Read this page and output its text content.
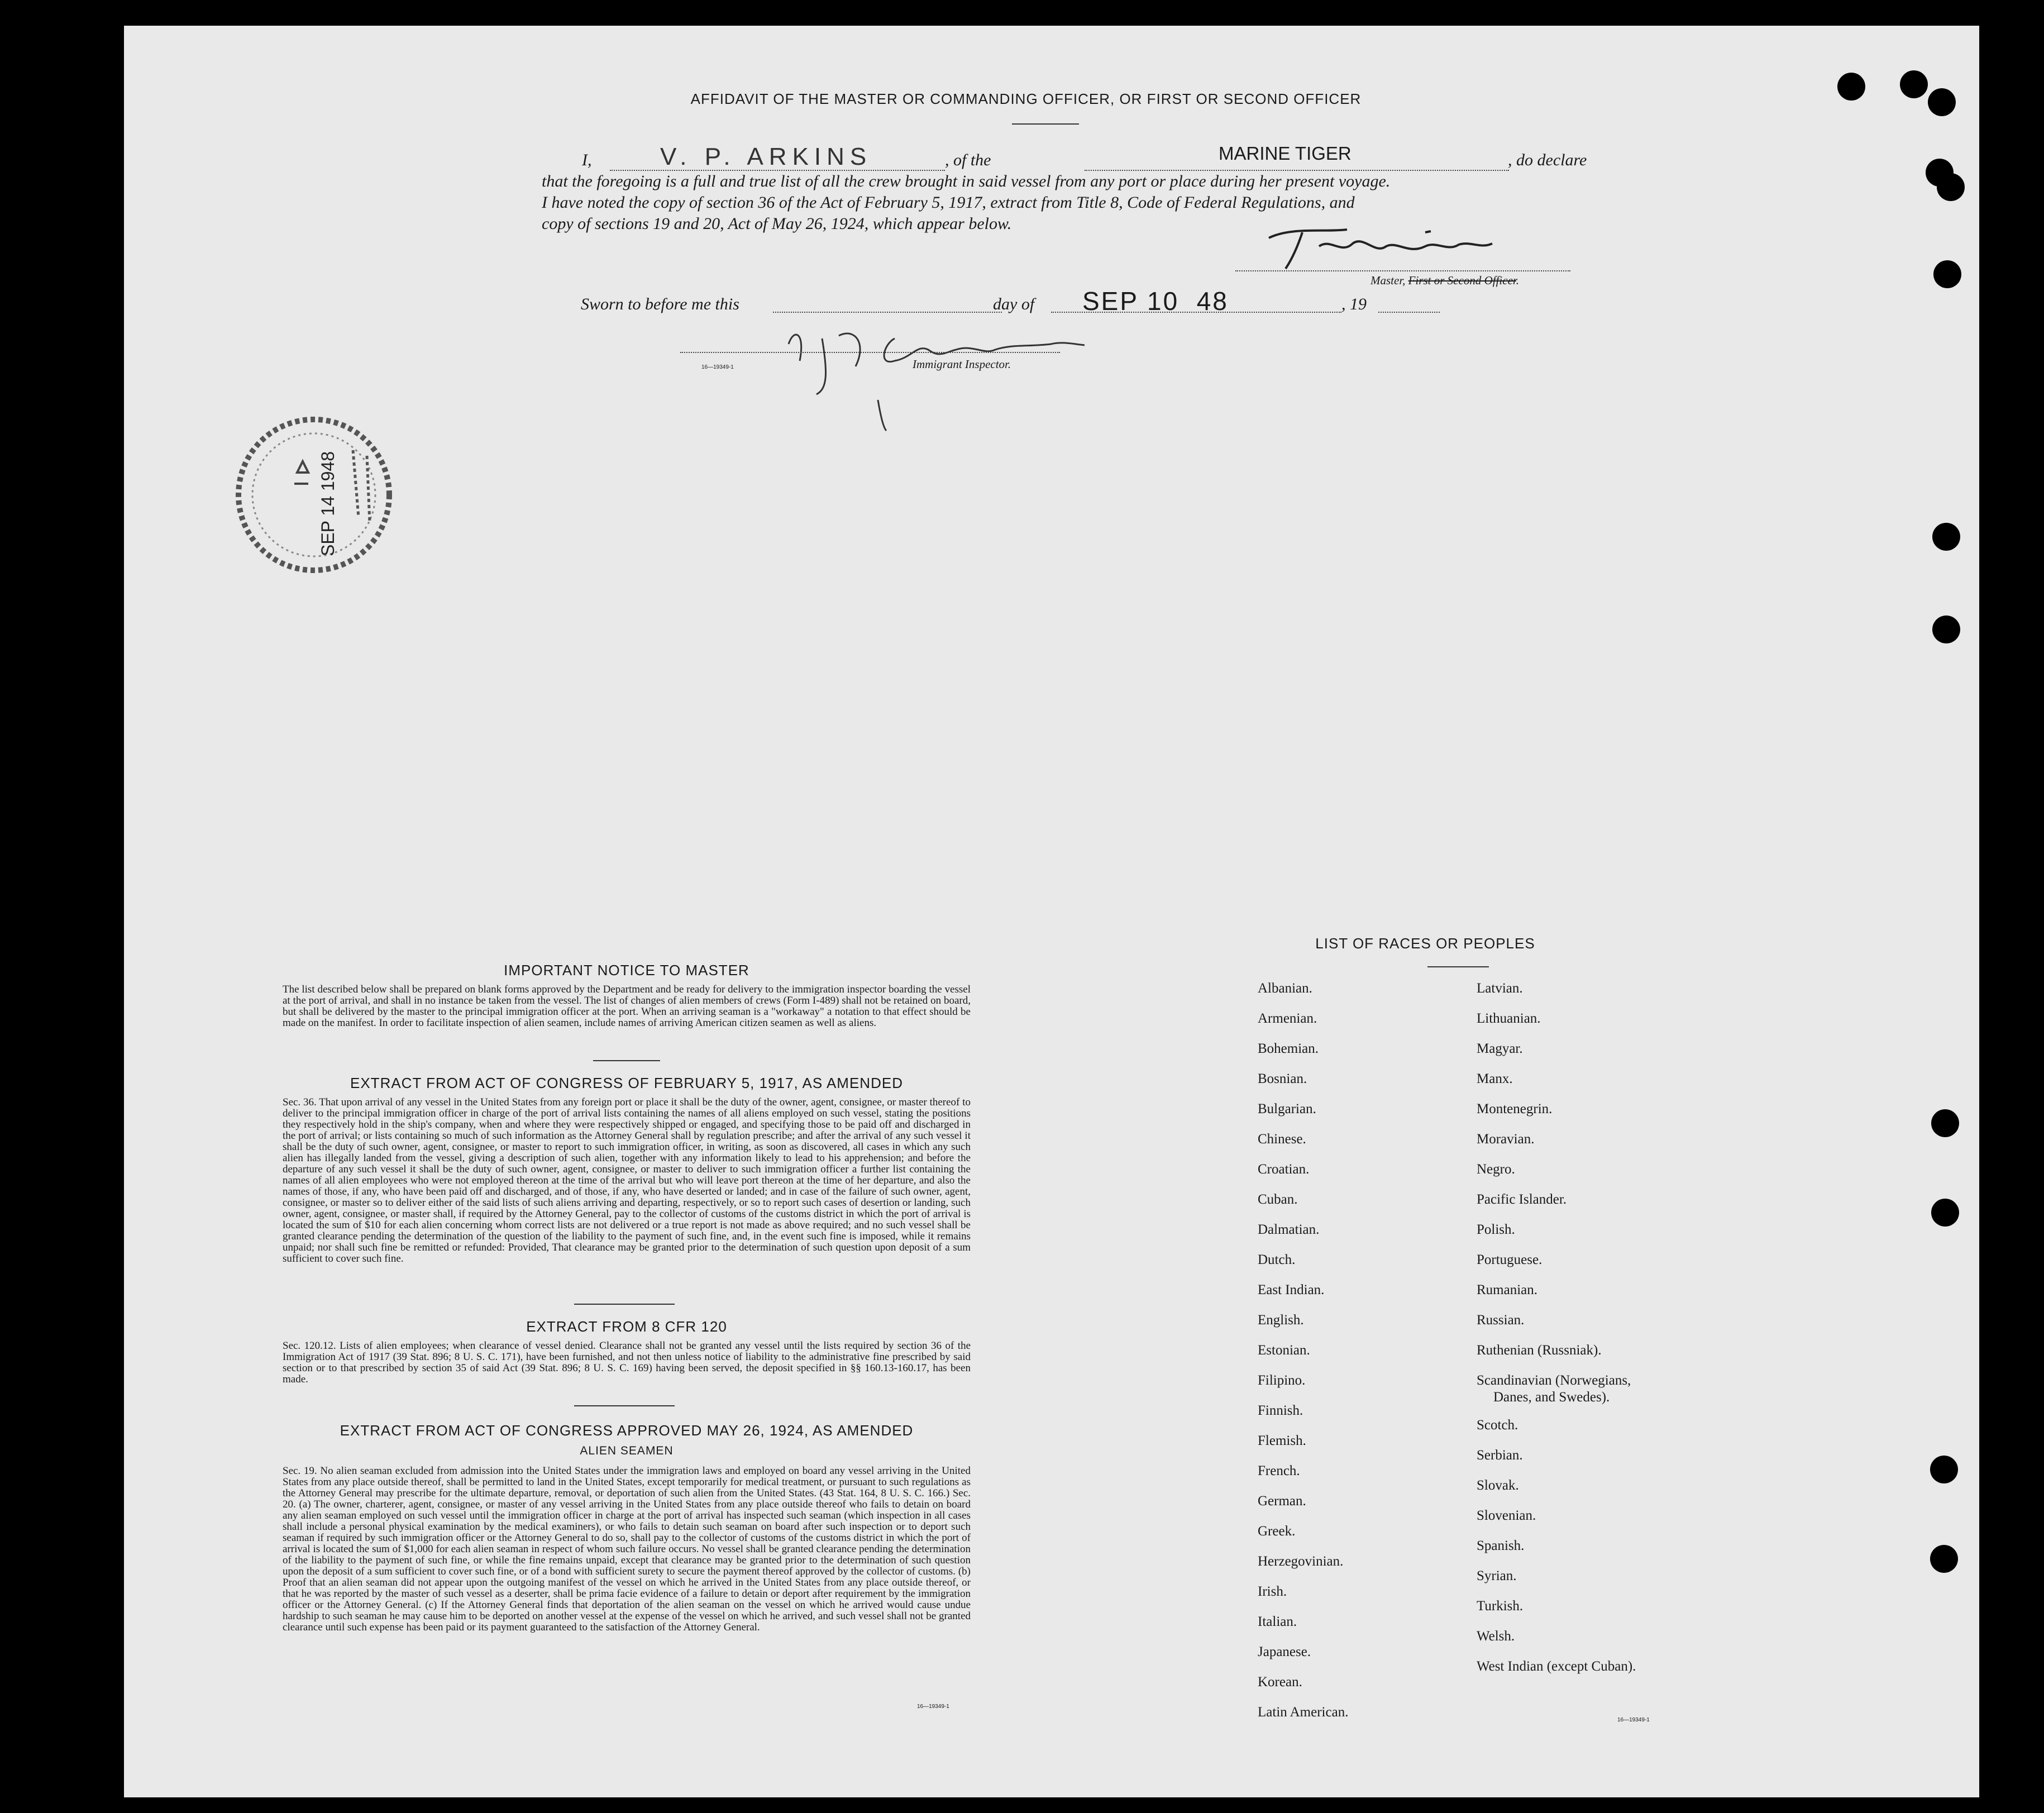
AFFIDAVIT OF THE MASTER OR COMMANDING OFFICER, OR FIRST OR SECOND OFFICER
I,	V. P. ARKINS	, of the	MARINE TIGER	, do declare
that the foregoing is a full and true list of all the crew brought in said vessel from any port or place during her present voyage.
I have noted the copy of section 36 of the Act of February 5, 1917, extract from Title 8, Code of Federal Regulations, and
copy of sections 19 and 20, Act of May 26, 1924, which appear below.
Master, First or Second Officer.
Sworn to before me this	day of SEP 10  48	, 19
Immigrant Inspector.
16—19349-1
SEP 14 1948
IMPORTANT NOTICE TO MASTER
The list described below shall be prepared on blank forms approved by the Department and be ready for delivery to the immigration inspector boarding the vessel at the port of arrival, and shall in no instance be taken from the vessel. The list of changes of alien members of crews (Form I-489) shall not be retained on board, but shall be delivered by the master to the principal immigration officer at the port. When an arriving seaman is a "workaway" a notation to that effect should be made on the manifest. In order to facilitate inspection of alien seamen, include names of arriving American citizen seamen as well as aliens.
EXTRACT FROM ACT OF CONGRESS OF FEBRUARY 5, 1917, AS AMENDED
Sec. 36. That upon arrival of any vessel in the United States from any foreign port or place it shall be the duty of the owner, agent, consignee, or master thereof to deliver to the principal immigration officer in charge of the port of arrival lists containing the names of all aliens employed on such vessel, stating the positions they respectively hold in the ship's company, when and where they were respectively shipped or engaged, and specifying those to be paid off and discharged in the port of arrival; or lists containing so much of such information as the Attorney General shall by regulation prescribe; and after the arrival of any such vessel it shall be the duty of such owner, agent, consignee, or master to report to such immigration officer, in writing, as soon as discovered, all cases in which any such alien has illegally landed from the vessel, giving a description of such alien, together with any information likely to lead to his apprehension; and before the departure of any such vessel it shall be the duty of such owner, agent, consignee, or master to deliver to such immigration officer a further list containing the names of all alien employees who were not employed thereon at the time of the arrival but who will leave port thereon at the time of her departure, and also the names of those, if any, who have been paid off and discharged, and of those, if any, who have deserted or landed; and in case of the failure of such owner, agent, consignee, or master so to deliver either of the said lists of such aliens arriving and departing, respectively, or so to report such cases of desertion or landing, such owner, agent, consignee, or master shall, if required by the Attorney General, pay to the collector of customs of the customs district in which the port of arrival is located the sum of $10 for each alien concerning whom correct lists are not delivered or a true report is not made as above required; and no such vessel shall be granted clearance pending the determination of the question of the liability to the payment of such fine, and, in the event such fine is imposed, while it remains unpaid; nor shall such fine be remitted or refunded: Provided, That clearance may be granted prior to the determination of such question upon deposit of a sum sufficient to cover such fine.
EXTRACT FROM 8 CFR 120
Sec. 120.12. Lists of alien employees; when clearance of vessel denied. Clearance shall not be granted any vessel until the lists required by section 36 of the Immigration Act of 1917 (39 Stat. 896; 8 U. S. C. 171), have been furnished, and not then unless notice of liability to the administrative fine prescribed by said section or to that prescribed by section 35 of said Act (39 Stat. 896; 8 U. S. C. 169) having been served, the deposit specified in §§ 160.13-160.17, has been made.
EXTRACT FROM ACT OF CONGRESS APPROVED MAY 26, 1924, AS AMENDED
ALIEN SEAMEN
Sec. 19. No alien seaman excluded from admission into the United States under the immigration laws and employed on board any vessel arriving in the United States from any place outside thereof, shall be permitted to land in the United States, except temporarily for medical treatment, or pursuant to such regulations as the Attorney General may prescribe for the ultimate departure, removal, or deportation of such alien from the United States. (43 Stat. 164, 8 U. S. C. 166.) Sec. 20. (a) The owner, charterer, agent, consignee, or master of any vessel arriving in the United States from any place outside thereof who fails to detain on board any alien seaman employed on such vessel until the immigration officer in charge at the port of arrival has inspected such seaman (which inspection in all cases shall include a personal physical examination by the medical examiners), or who fails to detain such seaman on board after such inspection or to deport such seaman if required by such immigration officer or the Attorney General to do so, shall pay to the collector of customs of the customs district in which the port of arrival is located the sum of $1,000 for each alien seaman in respect of whom such failure occurs. No vessel shall be granted clearance pending the determination of the liability to the payment of such fine, or while the fine remains unpaid, except that clearance may be granted prior to the determination of such question upon the deposit of a sum sufficient to cover such fine, or of a bond with sufficient surety to secure the payment thereof approved by the collector of customs. (b) Proof that an alien seaman did not appear upon the outgoing manifest of the vessel on which he arrived in the United States from any place outside thereof, or that he was reported by the master of such vessel as a deserter, shall be prima facie evidence of a failure to detain or deport after requirement by the immigration officer or the Attorney General. (c) If the Attorney General finds that deportation of the alien seaman on the vessel on which he arrived would cause undue hardship to such seaman he may cause him to be deported on another vessel at the expense of the vessel on which he arrived, and such vessel shall not be granted clearance until such expense has been paid or its payment guaranteed to the satisfaction of the Attorney General.
16—19349-1
LIST OF RACES OR PEOPLES
Albanian.
Armenian.
Bohemian.
Bosnian.
Bulgarian.
Chinese.
Croatian.
Cuban.
Dalmatian.
Dutch.
East Indian.
English.
Estonian.
Filipino.
Finnish.
Flemish.
French.
German.
Greek.
Herzegovinian.
Irish.
Italian.
Japanese.
Korean.
Latin American.
Latvian.
Lithuanian.
Magyar.
Manx.
Montenegrin.
Moravian.
Negro.
Pacific Islander.
Polish.
Portuguese.
Rumanian.
Russian.
Ruthenian (Russniak).
Scandinavian (Norwegians,
Danes, and Swedes).
Scotch.
Serbian.
Slovak.
Slovenian.
Spanish.
Syrian.
Turkish.
Welsh.
West Indian (except Cuban).
16—19349-1
